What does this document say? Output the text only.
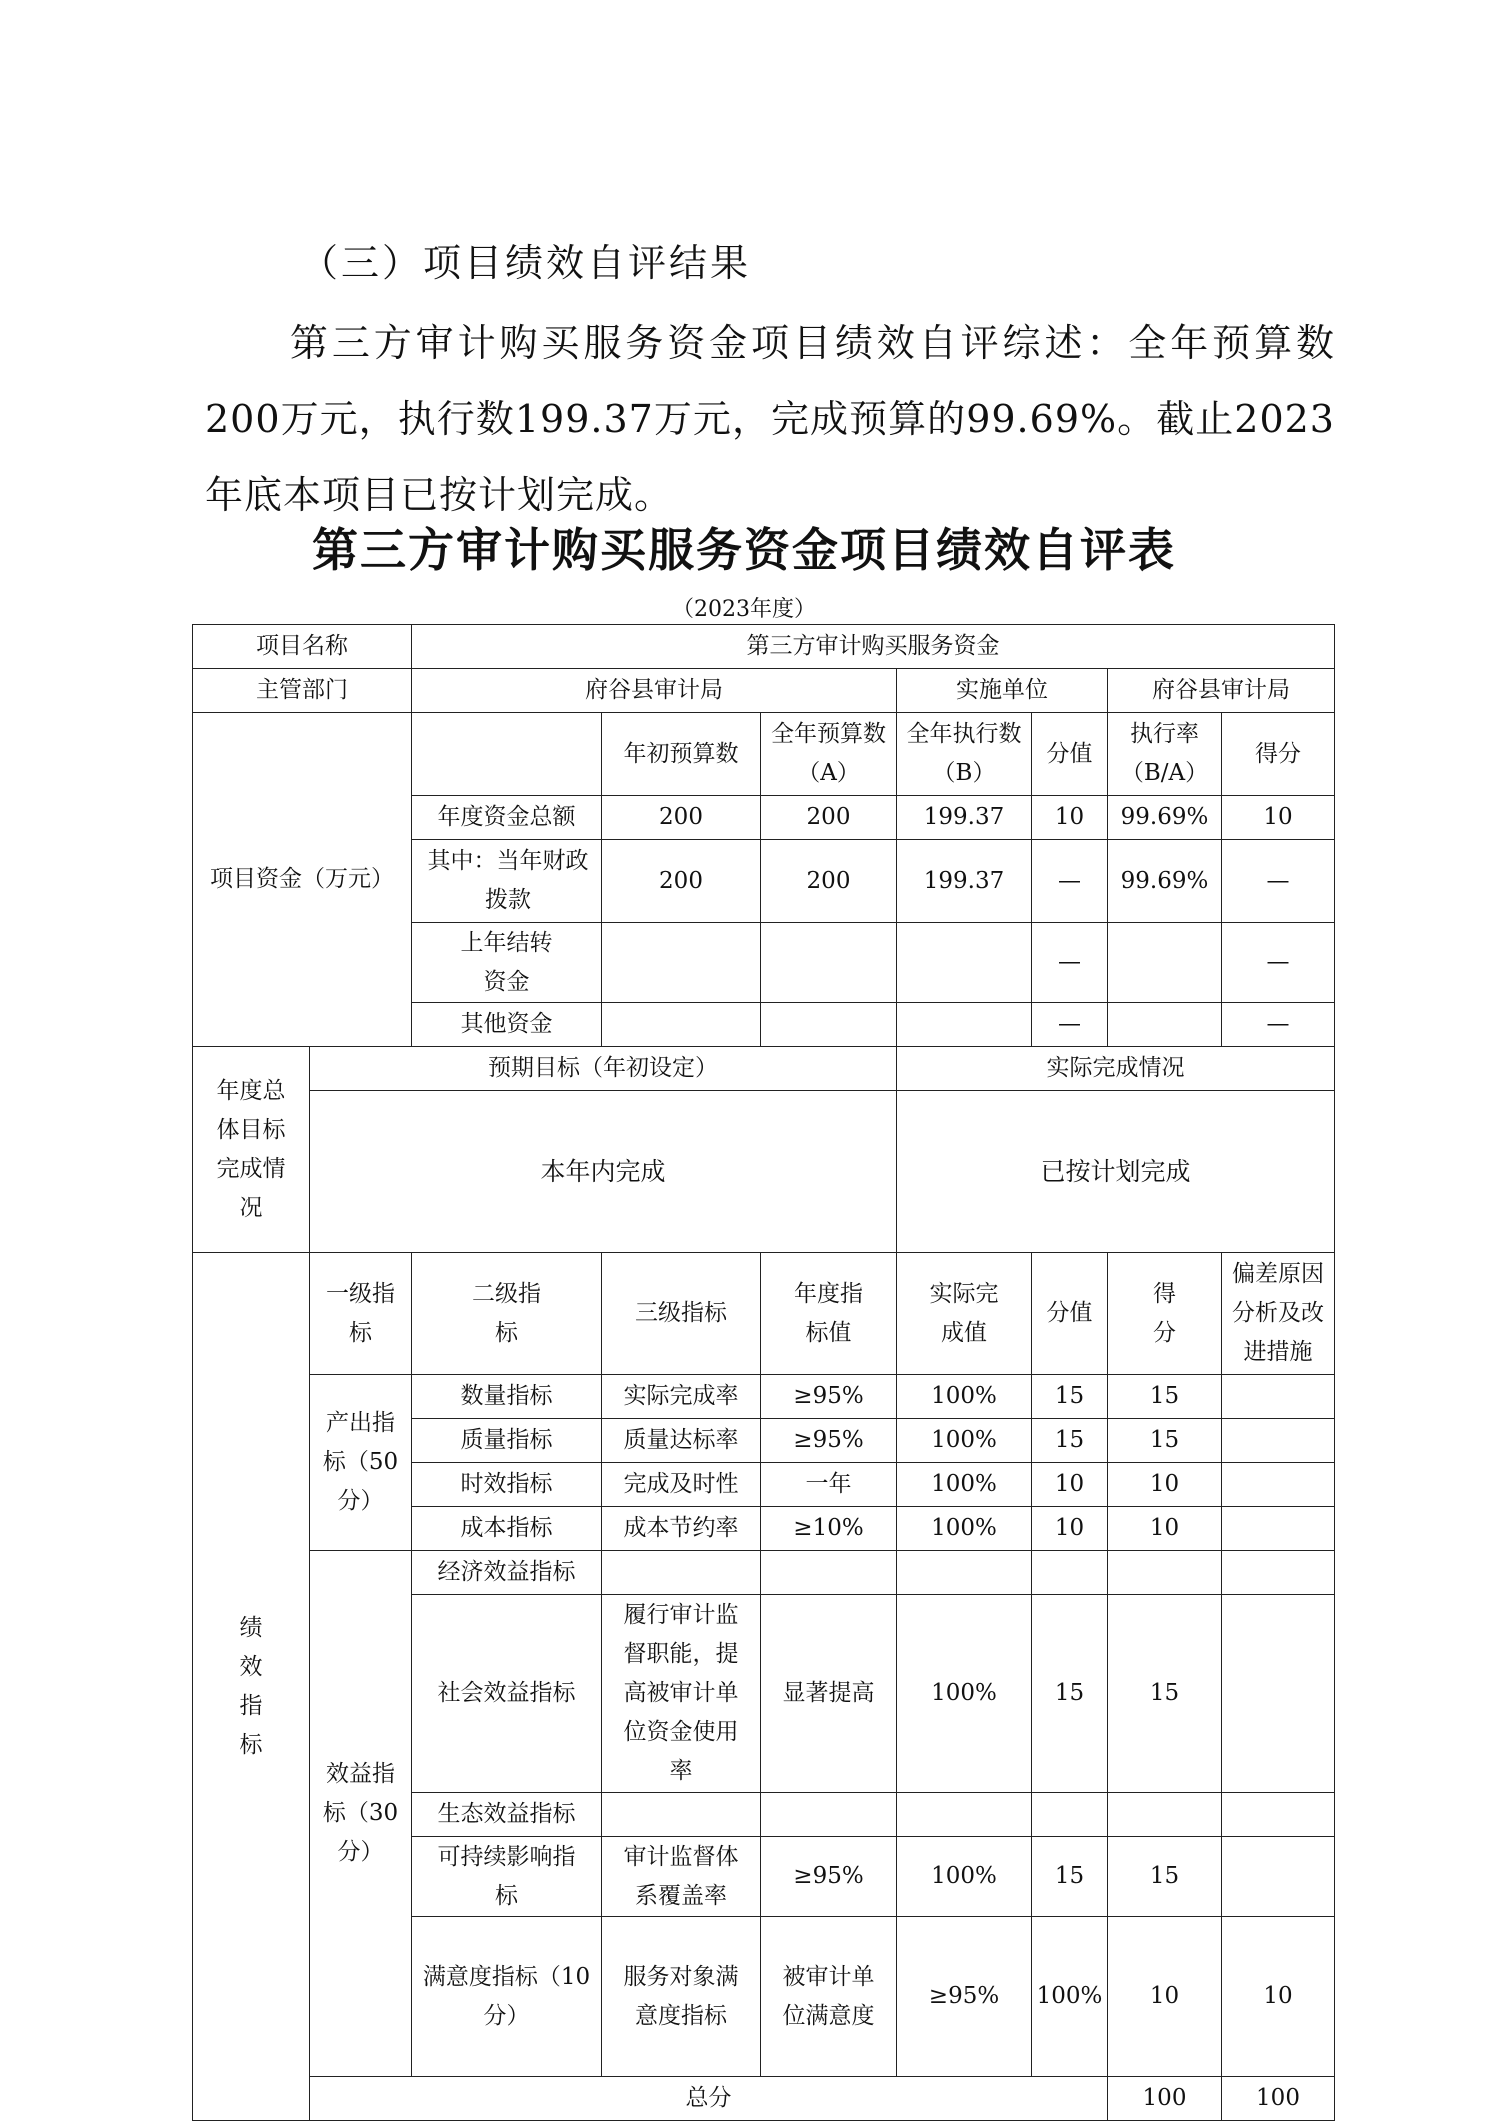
（三）项目绩效自评结果
第三方审计购买服务资金项目绩效自评综述：全年预算数200万元，执行数199.37万元，完成预算的99.69%。截止2023年底本项目已按计划完成。
第三方审计购买服务资金项目绩效自评表
（2023年度）
项目名称		第三方审计购买服务资金							
主管部门		府谷县审计局			实施单位		府谷县审计局		
项目资金（万元）			年初预算数	全年预算数（A）	全年执行数（B）	分值	执行率（B/A）	得分	
		年度资金总额	200	200	199.37	10	99.69%	10	
		其中：当年财政拨款	200	200	199.37	—	99.69%	—	
		上年结转资金				—		—	
		其他资金				—		—	
年度总体目标完成情况	预期目标（年初设定）				实际完成情况				
	本年内完成				已按计划完成				
绩效指标	一级指标	二级指标	三级指标	年度指标值	实际完成值	分值	得分	偏差原因分析及改进措施	
	产出指标（50分）	数量指标	实际完成率	≥95%	100%	15	15		
		质量指标	质量达标率	≥95%	100%	15	15		
		时效指标	完成及时性	一年	100%	10	10		
		成本指标	成本节约率	≥10%	100%	10	10		
	效益指标（30分）	经济效益指标							
		社会效益指标	履行审计监督职能，提高被审计单位资金使用率	显著提高	100%	15	15		
		生态效益指标							
		可持续影响指标	审计监督体系覆盖率	≥95%	100%	15	15		
		满意度指标（10分）	服务对象满意度指标	被审计单位满意度	≥95%	100%	10	10	
	总分						100	100	
